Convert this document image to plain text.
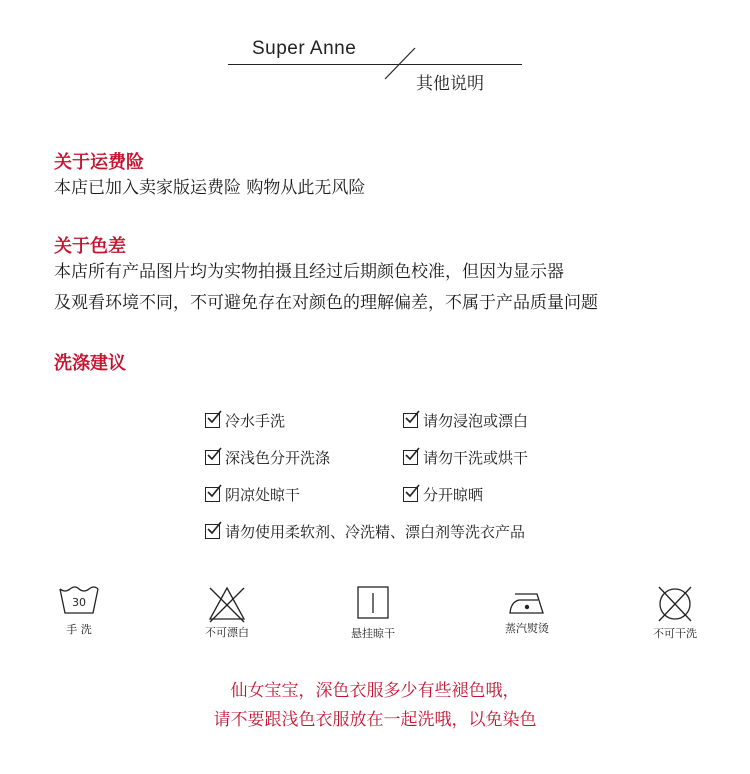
Super Anne
其他说明
关于运费险
本店已加入卖家版运费险 购物从此无风险
关于色差
本店所有产品图片均为实物拍摄且经过后期颜色校准，但因为显示器
及观看环境不同，不可避免存在对颜色的理解偏差，不属于产品质量问题
洗涤建议
冷水手洗	请勿浸泡或漂白
深浅色分开洗涤	请勿干洗或烘干
阴凉处晾干	分开晾晒
请勿使用柔软剂、冷洗精、漂白剂等洗衣产品
30
手 洗	不可漂白	悬挂晾干	蒸汽熨烫	不可干洗
仙女宝宝，深色衣服多少有些褪色哦，
请不要跟浅色衣服放在一起洗哦，以免染色
